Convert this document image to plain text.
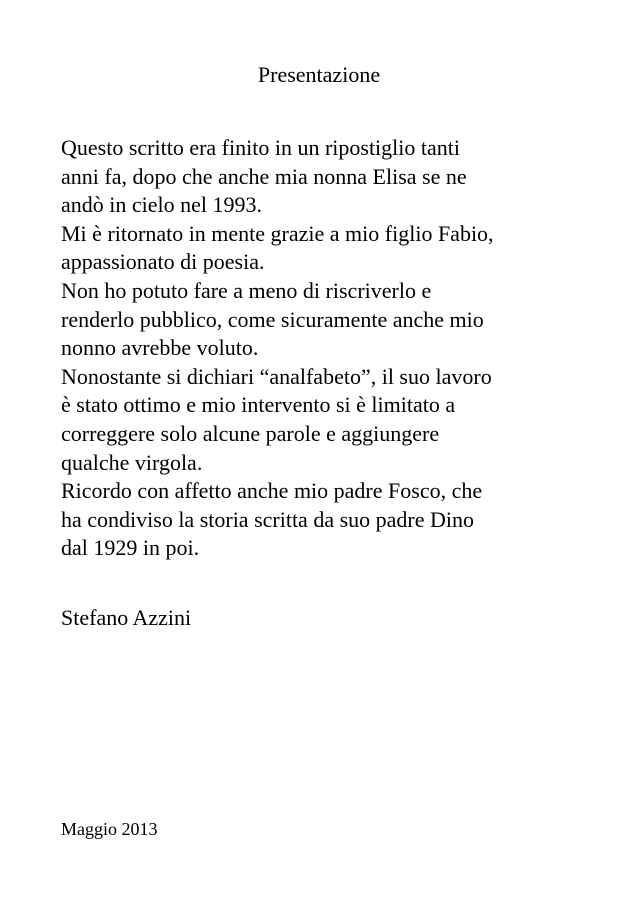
Presentazione
Questo scritto era finito in un ripostiglio tanti
anni fa, dopo che anche mia nonna Elisa se ne
andò in cielo nel 1993.
Mi è ritornato in mente grazie a mio figlio Fabio,
appassionato di poesia.
Non ho potuto fare a meno di riscriverlo e
renderlo pubblico, come sicuramente anche mio
nonno avrebbe voluto.
Nonostante si dichiari “analfabeto”, il suo lavoro
è stato ottimo e mio intervento si è limitato a
correggere solo alcune parole e aggiungere
qualche virgola.
Ricordo con affetto anche mio padre Fosco, che
ha condiviso la storia scritta da suo padre Dino
dal 1929 in poi.

Stefano Azzini

Maggio 2013
